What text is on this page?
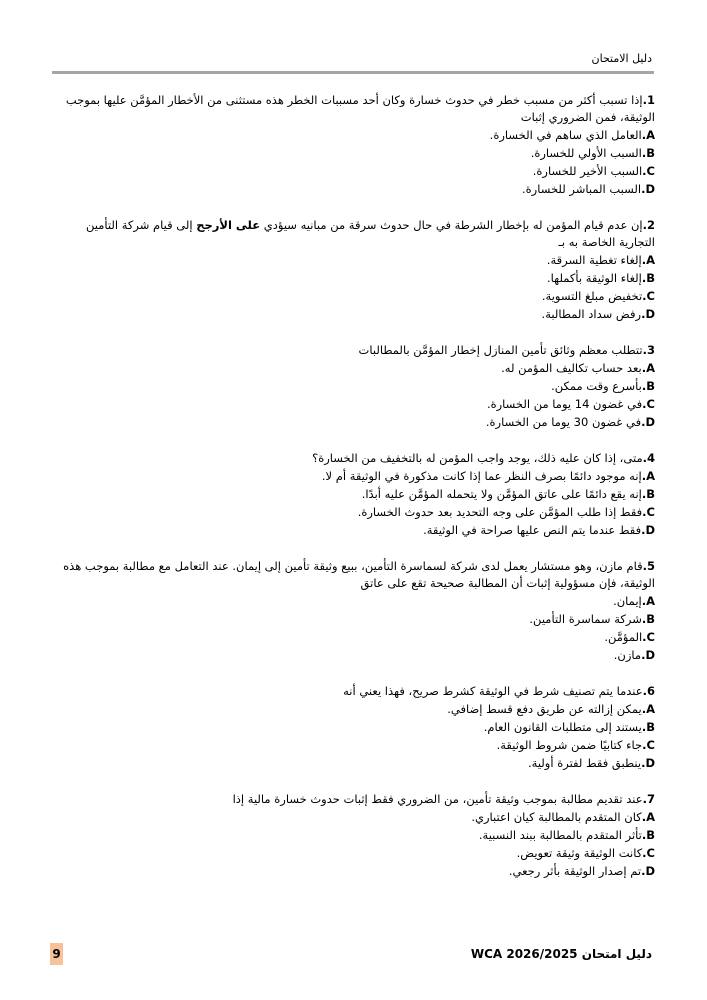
دليل الامتحان
1.إذا تسبب أكثر من مسبب خطر في حدوث خسارة وكان أحد مسببات الخطر هذه مستثنى من الأخطار المؤمَّن عليها بموجب الوثيقة، فمن الضروري إثبات
A.العامل الذي ساهم في الخسارة.
B.السبب الأولي للخسارة.
C.السبب الأخير للخسارة.
D.السبب المباشر للخسارة.
2.إن عدم قيام المؤمن له بإخطار الشرطة في حال حدوث سرقة من مبانيه سيؤدي على الأرجح إلى قيام شركة التأمين التجارية الخاصة به بـ
A.إلغاء تغطية السرقة.
B.إلغاء الوثيقة بأكملها.
C.تخفيض مبلغ التسوية.
D.رفض سداد المطالبة.
3.تتطلب معظم وثائق تأمين المنازل إخطار المؤمَّن بالمطالبات
A.بعد حساب تكاليف المؤمن له.
B.بأسرع وقت ممكن.
C.في غضون 14 يوما من الخسارة.
D.في غضون 30 يوما من الخسارة.
4.متى، إذا كان عليه ذلك، يوجد واجب المؤمن له بالتخفيف من الخسارة؟
A.إنه موجود دائمًا بصرف النظر عما إذا كانت مذكورة في الوثيقة أم لا.
B.إنه يقع دائمًا على عاتق المؤمَّن ولا يتحمله المؤمَّن عليه أبدًا.
C.فقط إذا طلب المؤمَّن على وجه التحديد بعد حدوث الخسارة.
D.فقط عندما يتم النص عليها صراحة في الوثيقة.
5.قام مازن، وهو مستشار يعمل لدى شركة لسماسرة التأمين، ببيع وثيقة تأمين إلى إيمان. عند التعامل مع مطالبة بموجب هذه الوثيقة، فإن مسؤولية إثبات أن المطالبة صحيحة تقع على عاتق
A.إيمان.
B.شركة سماسرة التأمين.
C.المؤمَّن.
D.مازن.
6.عندما يتم تصنيف شرط في الوثيقة كشرط صريح، فهذا يعني أنه
A.يمكن إزالته عن طريق دفع قسط إضافي.
B.يستند إلى متطلبات القانون العام.
C.جاء كتابيًا ضمن شروط الوثيقة.
D.ينطبق فقط لفترة أولية.
7.عند تقديم مطالبة بموجب وثيقة تأمين، من الضروري فقط إثبات حدوث خسارة مالية إذا
A.كان المتقدم بالمطالبة كيان اعتباري.
B.تأثر المتقدم بالمطالبة ببند النسبية.
C.كانت الوثيقة وثيقة تعويض.
D.تم إصدار الوثيقة بأثر رجعي.
دليل امتحان WCA 2026/2025
9
